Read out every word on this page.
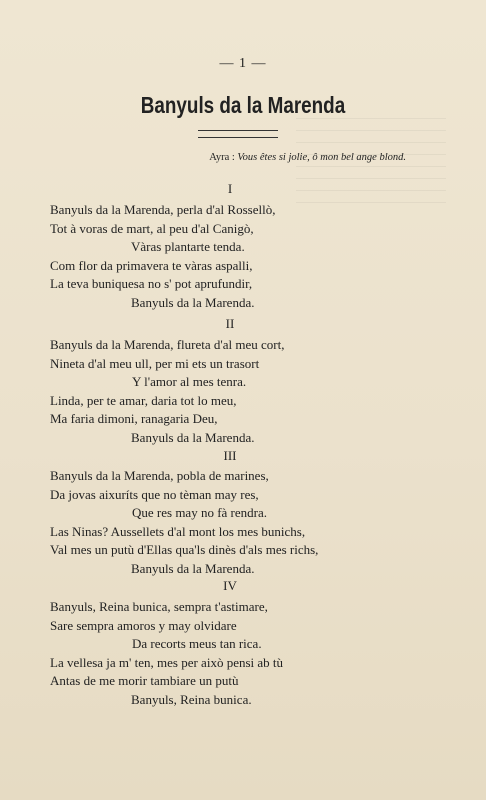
— 1 —
Banyuls da la Marenda
Ayra : Vous êtes si jolie, ô mon bel ange blond.
I
Banyuls da la Marenda, perla d'al Rossellò,
Tot à voras de mart, al peu d'al Canigò,
Vàras plantarte tenda.
Com flor da primavera te vàras aspalli,
La teva buniquesa no s' pot aprufundir,
Banyuls da la Marenda.
II
Banyuls da la Marenda, flureta d'al meu cort,
Nineta d'al meu ull, per mi ets un trasort
Y l'amor al mes tenra.
Linda, per te amar, daria tot lo meu,
Ma faria dimoni, ranagaria Deu,
Banyuls da la Marenda.
III
Banyuls da la Marenda, pobla de marines,
Da jovas aixuríts que no tèman may res,
Que res may no fà rendra.
Las Ninas? Aussellets d'al mont los mes bunichs,
Val mes un putù d'Ellas qua'ls dinès d'als mes richs,
Banyuls da la Marenda.
IV
Banyuls, Reina bunica, sempra t'astimare,
Sare sempra amoros y may olvidare
Da recorts meus tan rica.
La vellesa ja m' ten, mes per això pensi ab tù
Antas de me morir tambiare un putù
Banyuls, Reina bunica.
